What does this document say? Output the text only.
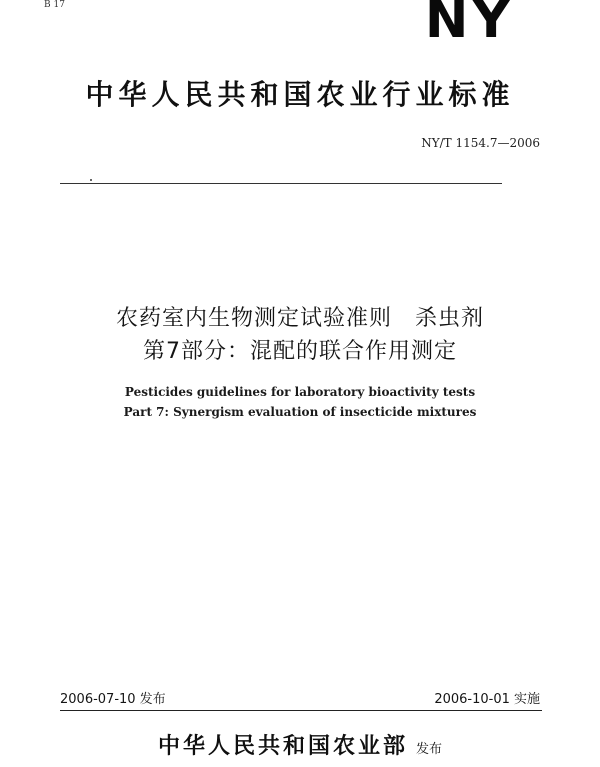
B 17	NY
中华人民共和国农业行业标准
NY/T 1154.7—2006
农药室内生物测定试验准则　杀虫剂
第7部分：混配的联合作用测定
Pesticides guidelines for laboratory bioactivity tests
Part 7: Synergism evaluation of insecticide mixtures
2006-07-10 发布	2006-10-01 实施
中华人民共和国农业部 发布
